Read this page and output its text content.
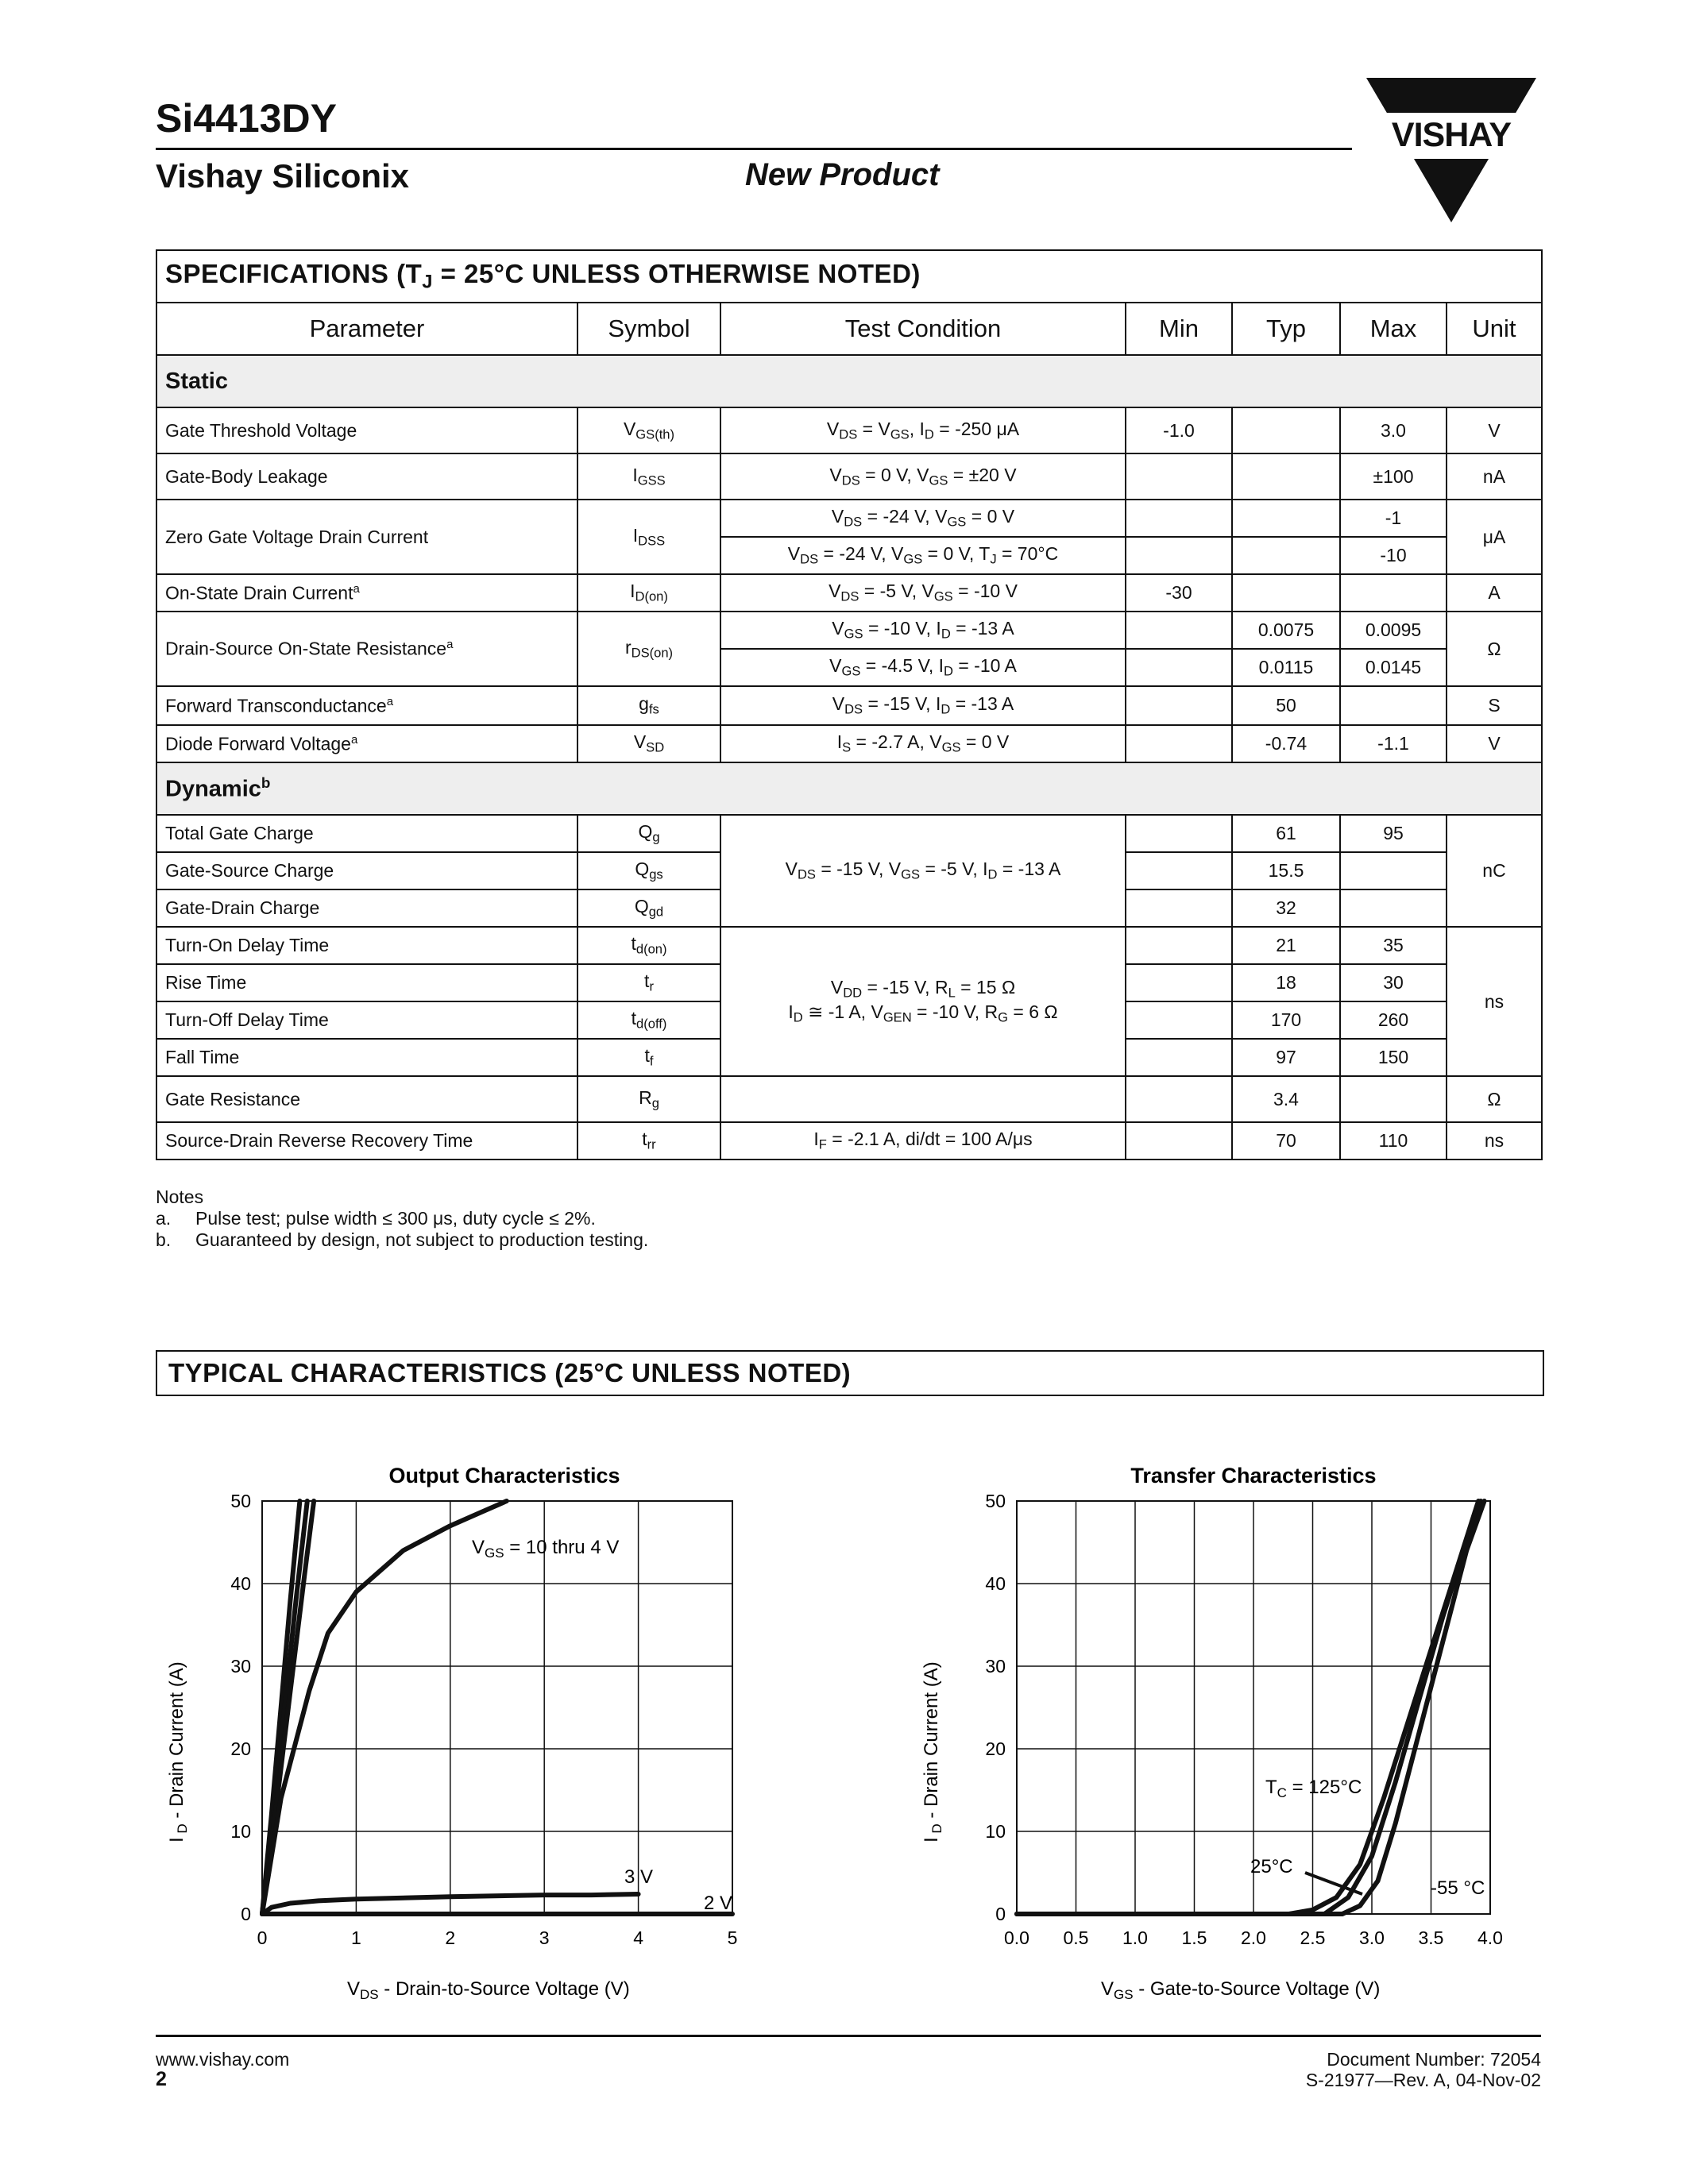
Si4413DY
Vishay Siliconix	New Product
VISHAY
SPECIFICATIONS ($T_J = 25^\circ C$ UNLESS OTHERWISE NOTED)						
Parameter	Symbol	Test Condition	Min	Typ	Max	Unit
Static						
Gate Threshold Voltage	$V_{GS(th)}$	$V_{DS} = V_{GS}$, $I_D = -250$ μA	-1.0		3.0	V
Gate-Body Leakage	$I_{GSS}$	$V_{DS} = 0$ V, $V_{GS} = \pm 20$ V			±100	nA
Zero Gate Voltage Drain Current	$I_{DSS}$	$V_{DS} = -24$ V, $V_{GS} = 0$ V			-1	μA
		$V_{DS} = -24$ V, $V_{GS} = 0$ V, $T_J = 70^\circ C$			-10	
On-State Drain Current$^a$	$I_{D(on)}$	$V_{DS} = -5$ V, $V_{GS} = -10$ V	-30			A
Drain-Source On-State Resistance$^a$	$r_{DS(on)}$	$V_{GS} = -10$ V, $I_D = -13$ A		0.0075	0.0095	Ω
		$V_{GS} = -4.5$ V, $I_D = -10$ A		0.0115	0.0145	
Forward Transconductance$^a$	$g_{fs}$	$V_{DS} = -15$ V, $I_D = -13$ A		50		S
Diode Forward Voltage$^a$	$V_{SD}$	$I_S = -2.7$ A, $V_{GS} = 0$ V		-0.74	-1.1	V
Dynamic$^b$
Total Gate Charge	$Q_g$	$V_{DS} = -15$ V, $V_{GS} = -5$ V, $I_D = -13$ A		61	95	nC
Gate-Source Charge	$Q_{gs}$			15.5		
Gate-Drain Charge	$Q_{gd}$			32		
Turn-On Delay Time	$t_{d(on)}$	$V_{DD} = -15$ V, $R_L = 15$ Ω
$I_D$ ≅ -1 A, $V_{GEN} = -10$ V, $R_G = 6$ Ω		21	35	ns
Rise Time	$t_r$			18	30	
Turn-Off Delay Time	$t_{d(off)}$			170	260	
Fall Time	$t_f$			97	150	
Gate Resistance	$R_g$			3.4		Ω
Source-Drain Reverse Recovery Time	$t_{rr}$	$I_F = -2.1$ A, di/dt = 100 A/μs		70	110	ns
Notes
a. Pulse test; pulse width ≤ 300 μs, duty cycle ≤ 2%.
b. Guaranteed by design, not subject to production testing.
TYPICAL CHARACTERISTICS (25°C UNLESS NOTED)
Output Characteristics
0	1	2	3	4	5
0
10
20
30
40
50
$V_{GS} = 10$ thru 4 V
3 V
2 V
$V_{DS}$ - Drain-to-Source Voltage (V)
I $_D$ - Drain Current (A)
Transfer Characteristics
0.0 0.5 1.0 1.5 2.0 2.5 3.0 3.5 4.0
0
10
20
30
40
50
$T_C = 125^\circ C$
25°C
-55 °C
$V_{GS}$ - Gate-to-Source Voltage (V)
I $_D$ - Drain Current (A)
www.vishay.com
2
Document Number: 72054
S-21977—Rev. A, 04-Nov-02
